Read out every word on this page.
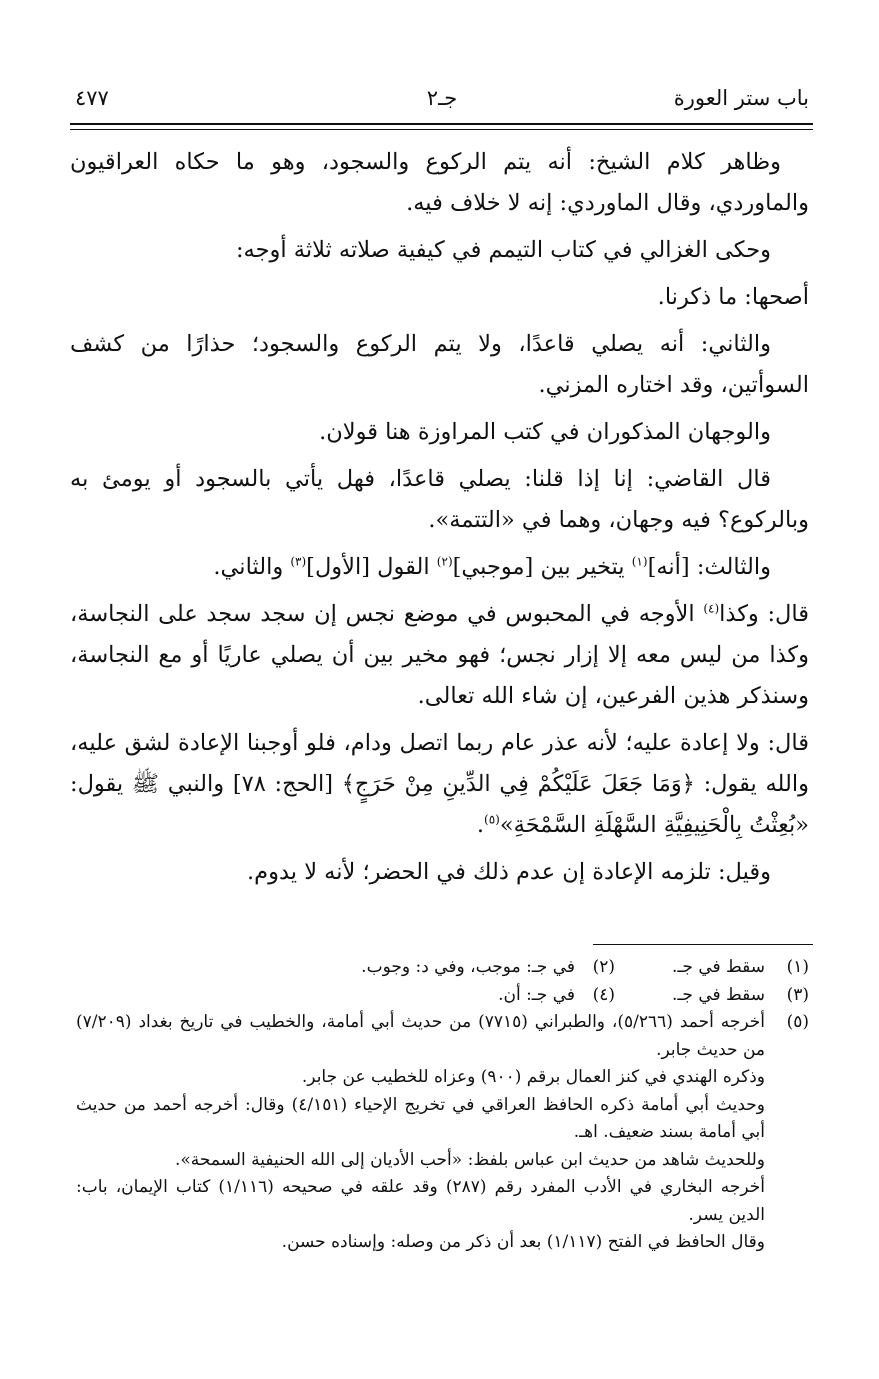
باب ستر العورة
جـ٢
٤٧٧

وظاهر كلام الشيخ: أنه يتم الركوع والسجود، وهو ما حكاه العراقيون والماوردي، وقال الماوردي: إنه لا خلاف فيه.

وحكى الغزالي في كتاب التيمم في كيفية صلاته ثلاثة أوجه:

أصحها: ما ذكرنا.

والثاني: أنه يصلي قاعدًا، ولا يتم الركوع والسجود؛ حذارًا من كشف السوأتين، وقد اختاره المزني.

والوجهان المذكوران في كتب المراوزة هنا قولان.

قال القاضي: إنا إذا قلنا: يصلي قاعدًا، فهل يأتي بالسجود أو يومئ به وبالركوع؟ فيه وجهان، وهما في «التتمة».

والثالث: [أنه]$^{(١)}$ يتخير بين [موجبي]$^{(٢)}$ القول [الأول]$^{(٣)}$ والثاني.

قال: وكذا$^{(٤)}$ الأوجه في المحبوس في موضع نجس إن سجد سجد على النجاسة، وكذا من ليس معه إلا إزار نجس؛ فهو مخير بين أن يصلي عاريًا أو مع النجاسة، وسنذكر هذين الفرعين، إن شاء الله تعالى.

قال: ولا إعادة عليه؛ لأنه عذر عام ربما اتصل ودام، فلو أوجبنا الإعادة لشق عليه، والله يقول: ﴿وَمَا جَعَلَ عَلَيْكُمْ فِي الدِّينِ مِنْ حَرَجٍ﴾ [الحج: ٧٨] والنبي ﷺ يقول: «بُعِثْتُ بِالْحَنِيفِيَّةِ السَّهْلَةِ السَّمْحَةِ»$^{(٥)}$.

وقيل: تلزمه الإعادة إن عدم ذلك في الحضر؛ لأنه لا يدوم.

(١)
سقط في جـ.
(٢)
في جـ: موجب، وفي د: وجوب.
(٣)
سقط في جـ.
(٤)
في جـ: أن.
(٥)

أخرجه أحمد (٥/٢٦٦)، والطبراني (٧٧١٥) من حديث أبي أمامة، والخطيب في تاريخ بغداد (٧/٢٠٩) من حديث جابر.

وذكره الهندي في كنز العمال برقم (٩٠٠) وعزاه للخطيب عن جابر.

وحديث أبي أمامة ذكره الحافظ العراقي في تخريج الإحياء (٤/١٥١) وقال: أخرجه أحمد من حديث أبي أمامة بسند ضعيف. اهـ.

وللحديث شاهد من حديث ابن عباس بلفظ: «أحب الأديان إلى الله الحنيفية السمحة».

أخرجه البخاري في الأدب المفرد رقم (٢٨٧) وقد علقه في صحيحه (١/١١٦) كتاب الإيمان، باب: الدين يسر.

وقال الحافظ في الفتح (١/١١٧) بعد أن ذكر من وصله: وإسناده حسن.
